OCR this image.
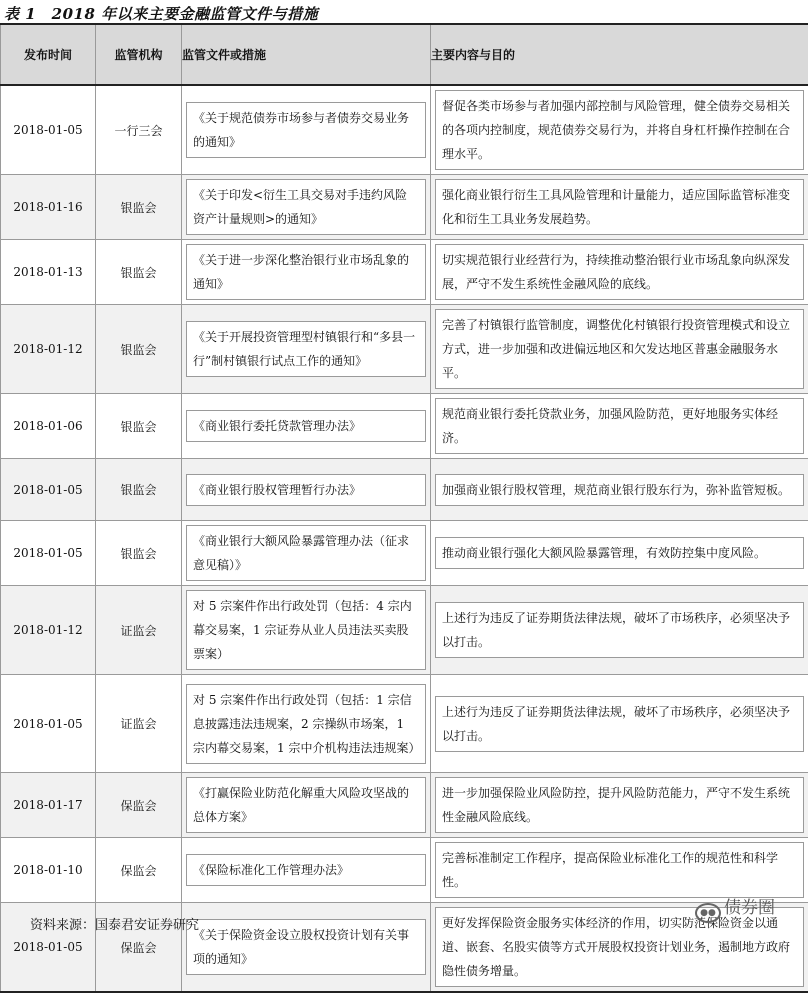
表 1　2018 年以来主要金融监管文件与措施
发布时间	监管机构	监管文件或措施	主要内容与目的
2018-01-05	一行三会	《关于规范债券市场参与者债券交易业务的通知》	督促各类市场参与者加强内部控制与风险管理，健全债券交易相关的各项内控制度，规范债券交易行为，并将自身杠杆操作控制在合理水平。

2018-01-16	银监会	《关于印发<衍生工具交易对手违约风险资产计量规则>的通知》	强化商业银行衍生工具风险管理和计量能力，适应国际监管标准变化和衍生工具业务发展趋势。

2018-01-13	银监会	《关于进一步深化整治银行业市场乱象的通知》	切实规范银行业经营行为，持续推动整治银行业市场乱象向纵深发展，严守不发生系统性金融风险的底线。

2018-01-12	银监会	《关于开展投资管理型村镇银行和“多县一行”制村镇银行试点工作的通知》	完善了村镇银行监管制度，调整优化村镇银行投资管理模式和设立方式，进一步加强和改进偏远地区和欠发达地区普惠金融服务水平。

2018-01-06	银监会	《商业银行委托贷款管理办法》	规范商业银行委托贷款业务，加强风险防范，更好地服务实体经济。

2018-01-05	银监会	《商业银行股权管理暂行办法》	加强商业银行股权管理，规范商业银行股东行为，弥补监管短板。

2018-01-05	银监会	《商业银行大额风险暴露管理办法（征求意见稿）》	推动商业银行强化大额风险暴露管理，有效防控集中度风险。

2018-01-12	证监会	对 5 宗案件作出行政处罚（包括：4 宗内幕交易案，1 宗证券从业人员违法买卖股票案）	上述行为违反了证券期货法律法规，破坏了市场秩序，必须坚决予以打击。

2018-01-05	证监会	对 5 宗案件作出行政处罚（包括：1 宗信息披露违法违规案，2 宗操纵市场案，1 宗内幕交易案，1 宗中介机构违法违规案）	上述行为违反了证券期货法律法规，破坏了市场秩序，必须坚决予以打击。

2018-01-17	保监会	《打赢保险业防范化解重大风险攻坚战的总体方案》	进一步加强保险业风险防控，提升风险防范能力，严守不发生系统性金融风险底线。

2018-01-10	保监会	《保险标准化工作管理办法》	完善标准制定工作程序，提高保险业标准化工作的规范性和科学性。

2018-01-05	保监会	《关于保险资金设立股权投资计划有关事项的通知》	更好发挥保险资金服务实体经济的作用，切实防范保险资金以通道、嵌套、名股实债等方式开展股权投资计划业务，遏制地方政府隐性债务增量。
资料来源：国泰君安证券研究
●● 债券圈
